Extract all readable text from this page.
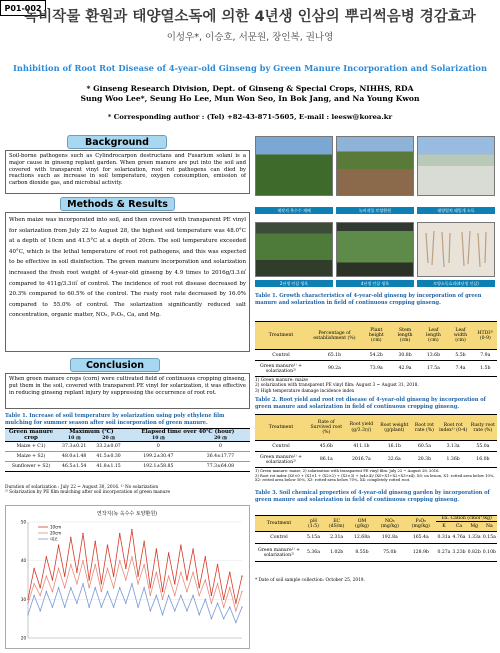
P01-002
녹비작물 환원과 태양열소독에 의한 4년생 인삼의 뿌리썩음병 경감효과
이성우*, 이승호, 서문원, 장인복, 권나영
Inhibition of Root Rot Disease of 4-year-old Ginseng by Green Manure Incorporation and Solarization
* Ginseng Research Division, Dept. of Ginseng & Special Crops, NIHHS, RDA
Sung Woo Lee*, Seung Ho Lee, Mun Won Seo, In Bok Jang, and Na Young Kwon
* Corresponding author : (Tel) +82-43-871-5605, E-mail : leesw@korea.kr
Background
Soil-borne pathogens such as Cylindrocarpon destructans and Fusarium solani is a major cause in ginseng replant garden. When green manure are put into the soil and covered with transparent vinyl for solarization, root rot pathogens can died by reactions such as increase in soil temperature, oxygen consumption, emission of carbon dioxide gas, and microbial activity.
Methods & Results
When maize was incorporated into soil, and then covered with transparent PE vinyl for solarization from July 22 to August 28, the highest soil temperature was 48.0°C at a depth of 10cm and 41.5°C at a depth of 20cm. The soil temperature exceeded 40°C, which is the lethal temperature of root rot pathogens, and this was expected to be effective in soil disinfection. The green manure incorporation and solarization increased the fresh root weight of 4-year-old ginseng by 4.9 times to 2016g/3.3㎡ compared to 411g/3.3㎡ of control. The incidence of root rot disease decreased by 20.3% compared to 60.5% of the control. The rusty root rate decreased by 16.0% compared to 55.0% of control. The solarization significantly reduced salt concentration, organic matter, NO₃, P₂O₅, Ca, and Mg.
Conclusion
When green manure crops (corn) were cultivated field of continuous cropping ginseng, put them in the soil, covered with transparent PE vinyl for solarization, it was effective in reducing ginseng replant injury by suppressing the occurrence of root rot.
Table 1. Increase of soil temperature by solarization using poly ethylene film mulching for summer season after soil incorporation of green manure.
Green manure crop	Maximum (℃)		Elapsed time over 40℃ (hour)	
	10 ㎝	20 ㎝	10 ㎝	20 ㎝
Maize + C1)	37.3±0.21	33.2±0.07	0	0
Maize + S2)	48.0±1.48	41.5±0.30	199.2±30.47	36.4±17.77
Sunflower + S2)	46.5±1.54	41.8±1.15	192.1±58.85	77.3±64.08
Duration of solarization : July 22 ~ August 30, 2016. ¹⁾ No solarization
²⁾ Solarization by PE film mulching after soil incorporation of green manure
연작지(녹 옥수수 토양환원)
20
30
40
50
10cm
20cm
대조
재작지 옥수수 재배	녹비작물 토양환원	태양열처 래밀개 소독
2년생 인삼 생육	4년생 인삼 생육	토양소독효과(4년생 인삼)
Table 1. Growth characteristics of 4-year-old ginseng by incorporation of green manure and solarization in field of continuous cropping ginseng.
Treatment	Percentage of establishment (%)	Plant height (cm)	Stem length (cm)	Leaf length (cm)	Leaf width (cm)	HTDI³⁾ (0-9)
Control	65.1b	54.2b	30.8b	13.6b	5.5b	7.9a
Green manure¹⁾ + solarization²⁾	90.2a	73.9a	42.9a	17.5a	7.4a	1.5b
1) Green manure: maize
2) solarization with transparent PE vinyl film: August 3 ~ August 31, 2018.
3) High temperature damage incidence index
Table 2. Root yield and root rot disease of 4-year-old ginseng by incorporation of green manure and solarization in field of continuous cropping ginseng.
Treatment	Rate of Survived root (%)	Root yield (g/3.3㎡)	Root weight (g/plant)	Root rot rate (%)	Root rot index¹⁾ (0-4)	Rusty root rate (%)
Control	45.6b	411.1b	16.1b	60.5a	3.13a	55.0a
Green manure¹⁾ + solarization²⁾	86.1a	2016.7a	32.6a	20.3b	1.36b	16.0b
1) Green manure: maize, 2) solarization with transparent PE vinyl film: July 22 ~ August 28, 2016.
3) Root rot index (X0×0 + (X1×1 + (X2×2) + (X3×3) + (x4×4)/ (X0+X1+X2+X3+x4), X0: on lesion, X1: rotted area below 10%, X2: rotted area below 50%, X3: rotted-area below 70%, X4: completely rotted root.
Table 3. Soil chemical properties of 4-year-old ginseng garden by incorporation of green manure and solarization in field of continuous cropping ginseng.
Treatment	pH (1:5)	EC (dS/m)	OM (g/kg)	NO₃ (mg/kg)	P₂O₅ (mg/kg)	Ex. Cation (cmol⁺/kg)			
						K	Ca	Mg	Na
Control	5.15a	2.31a	12.68a	192.8a	165.4a	0.31a	4.76a	1.33a	0.15a
Green manure¹⁾ + solarization²⁾	5.36a	1.02b	8.55b	75.0b	128.9b	0.27a	3.23b	0.82b	0.10b
* Date of soil sample collection: October 25, 2019.
